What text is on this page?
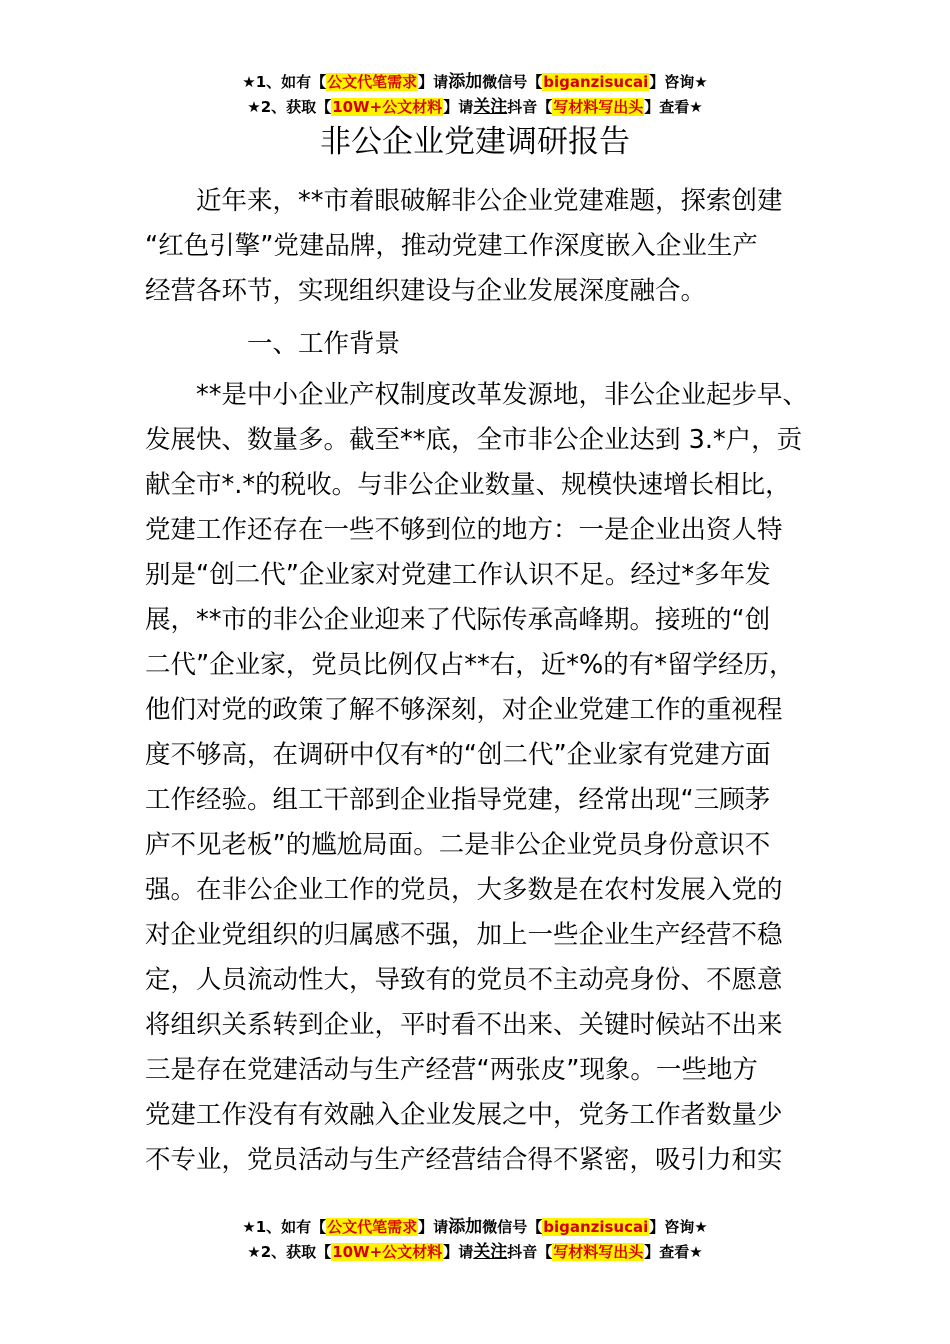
★1、如有【公文代笔需求】请添加微信号【biganzisucai】咨询★
★2、获取【10W+公文材料】请关注抖音【写材料写出头】查看★
非公企业党建调研报告
近年来，**市着眼破解非公企业党建难题，探索创建
“红色引擎”党建品牌，推动党建工作深度嵌入企业生产
经营各环节，实现组织建设与企业发展深度融合。
一、工作背景
**是中小企业产权制度改革发源地，非公企业起步早、
发展快、数量多。截至**底，全市非公企业达到 3.*户，贡
献全市*.*的税收。与非公企业数量、规模快速增长相比，
党建工作还存在一些不够到位的地方：一是企业出资人特
别是“创二代”企业家对党建工作认识不足。经过*多年发
展，**市的非公企业迎来了代际传承高峰期。接班的“创
二代”企业家，党员比例仅占**右，近*%的有*留学经历，
他们对党的政策了解不够深刻，对企业党建工作的重视程
度不够高，在调研中仅有*的“创二代”企业家有党建方面
工作经验。组工干部到企业指导党建，经常出现“三顾茅
庐不见老板”的尴尬局面。二是非公企业党员身份意识不
强。在非公企业工作的党员，大多数是在农村发展入党的
对企业党组织的归属感不强，加上一些企业生产经营不稳
定，人员流动性大，导致有的党员不主动亮身份、不愿意
将组织关系转到企业，平时看不出来、关键时候站不出来
三是存在党建活动与生产经营“两张皮”现象。一些地方
党建工作没有有效融入企业发展之中，党务工作者数量少
不专业，党员活动与生产经营结合得不紧密，吸引力和实
★1、如有【公文代笔需求】请添加微信号【biganzisucai】咨询★
★2、获取【10W+公文材料】请关注抖音【写材料写出头】查看★
